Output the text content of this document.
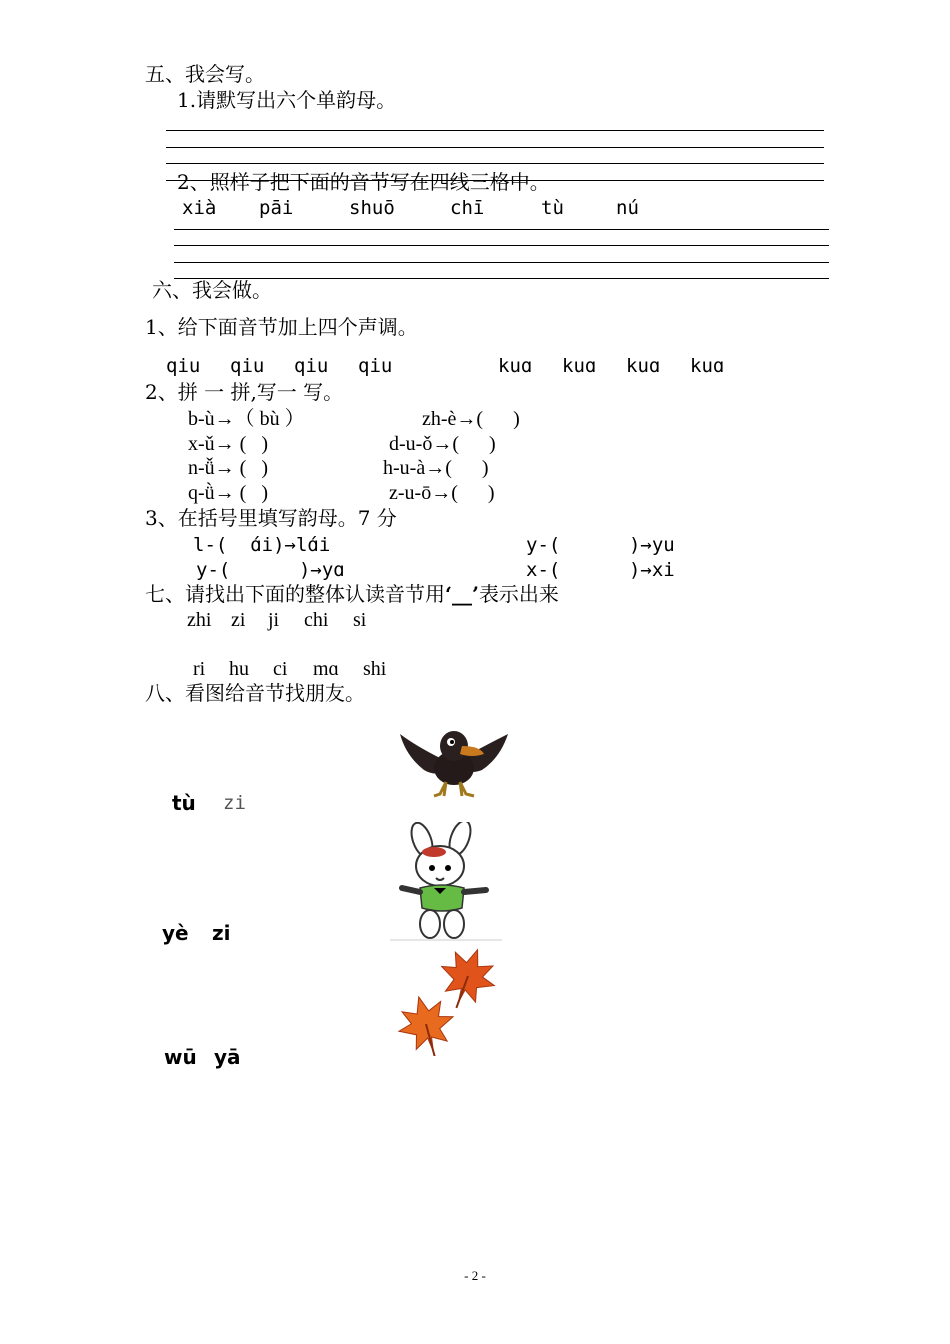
五、我会写。
1.请默写出六个单韵母。
2、照样子把下面的音节写在四线三格中。
xià pāi	shuō	chī	tù	nú
六、我会做。
1、给下面音节加上四个声调。
qiu qiu qiu qiu	kuɑ kuɑ kuɑ kuɑ
2、拼 一 拼,写一 写。
b-ù→（ bù ）	zh-è→(      )
x-ǔ→ (   )	d-u-ǒ→(      )
n-ǚ→ (   )	h-u-à→(      )
q-ǜ→ (   )	z-u-ō→(      )
3、在括号里填写韵母。7 分
l-(  ɑ́i)→lɑ́i	y-(      )→yu
y-(      )→yɑ	x-(      )→xi
七、请找出下面的整体认读音节用‘__’表示出来
zhi zi ji chi si
ri hu ci mɑ shi
八、看图给音节找朋友。
tù zi
yè zi
wū yā
- 2 -
